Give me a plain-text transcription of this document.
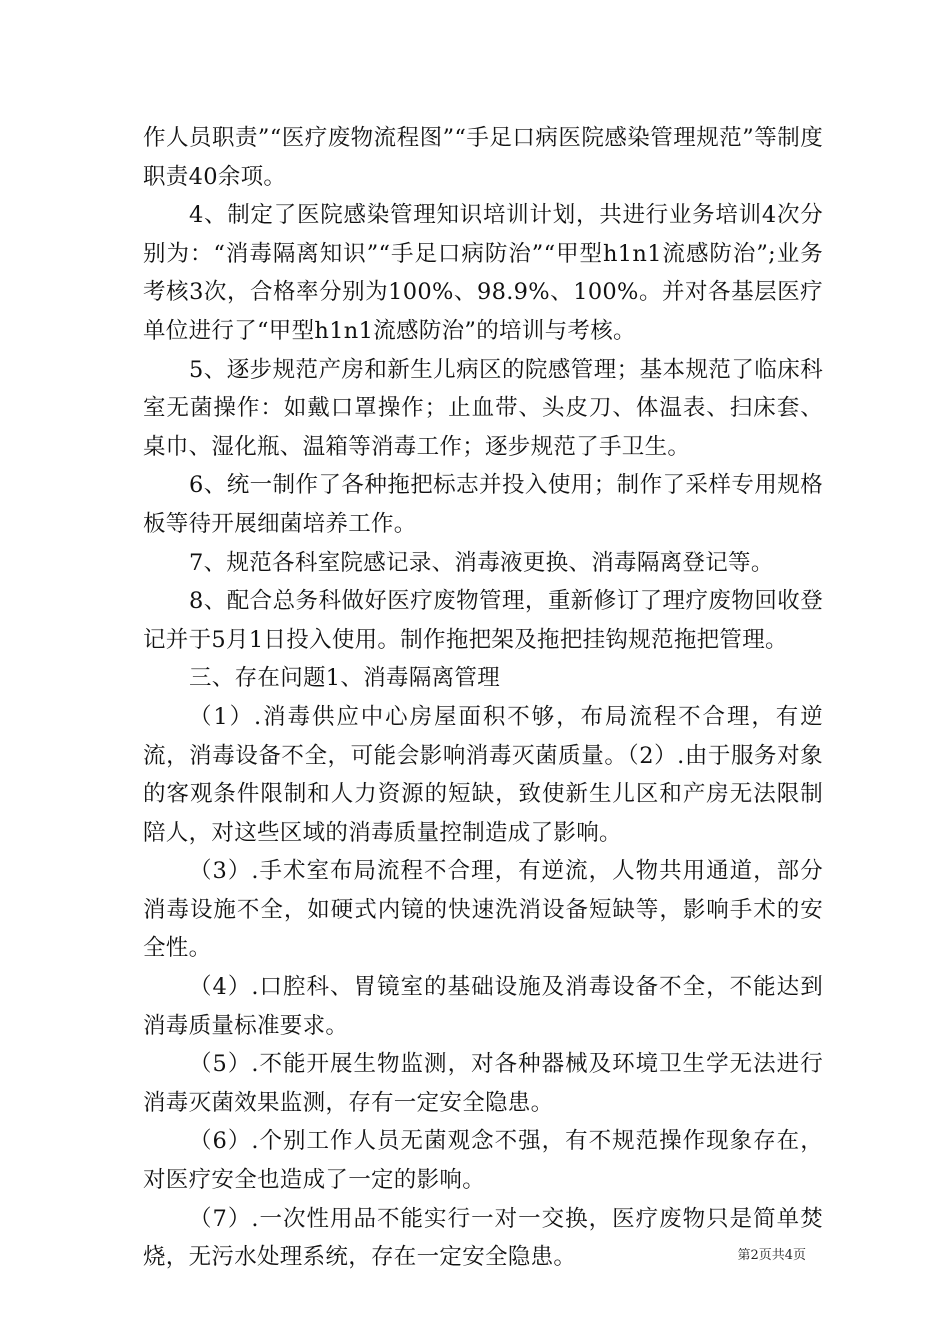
作人员职责”“医疗废物流程图”“手足口病医院感染管理规范”等制度职责40余项。

4、制定了医院感染管理知识培训计划，共进行业务培训4次分别为：“消毒隔离知识”“手足口病防治”“甲型h1n1流感防治”;业务考核3次，合格率分别为100%、98.9%、100%。并对各基层医疗单位进行了“甲型h1n1流感防治”的培训与考核。

5、逐步规范产房和新生儿病区的院感管理；基本规范了临床科室无菌操作：如戴口罩操作；止血带、头皮刀、体温表、扫床套、桌巾、湿化瓶、温箱等消毒工作；逐步规范了手卫生。

6、统一制作了各种拖把标志并投入使用；制作了采样专用规格板等待开展细菌培养工作。

7、规范各科室院感记录、消毒液更换、消毒隔离登记等。

8、配合总务科做好医疗废物管理，重新修订了理疗废物回收登记并于5月1日投入使用。制作拖把架及拖把挂钩规范拖把管理。

三、存在问题1、消毒隔离管理

（1）.消毒供应中心房屋面积不够，布局流程不合理，有逆流，消毒设备不全，可能会影响消毒灭菌质量。（2）.由于服务对象的客观条件限制和人力资源的短缺，致使新生儿区和产房无法限制陪人，对这些区域的消毒质量控制造成了影响。

（3）.手术室布局流程不合理，有逆流，人物共用通道，部分消毒设施不全，如硬式内镜的快速洗消设备短缺等，影响手术的安全性。

（4）.口腔科、胃镜室的基础设施及消毒设备不全，不能达到消毒质量标准要求。

（5）.不能开展生物监测，对各种器械及环境卫生学无法进行消毒灭菌效果监测，存有一定安全隐患。

（6）.个别工作人员无菌观念不强，有不规范操作现象存在，对医疗安全也造成了一定的影响。

（7）.一次性用品不能实行一对一交换，医疗废物只是简单焚烧，无污水处理系统，存在一定安全隐患。	第2页共4页
